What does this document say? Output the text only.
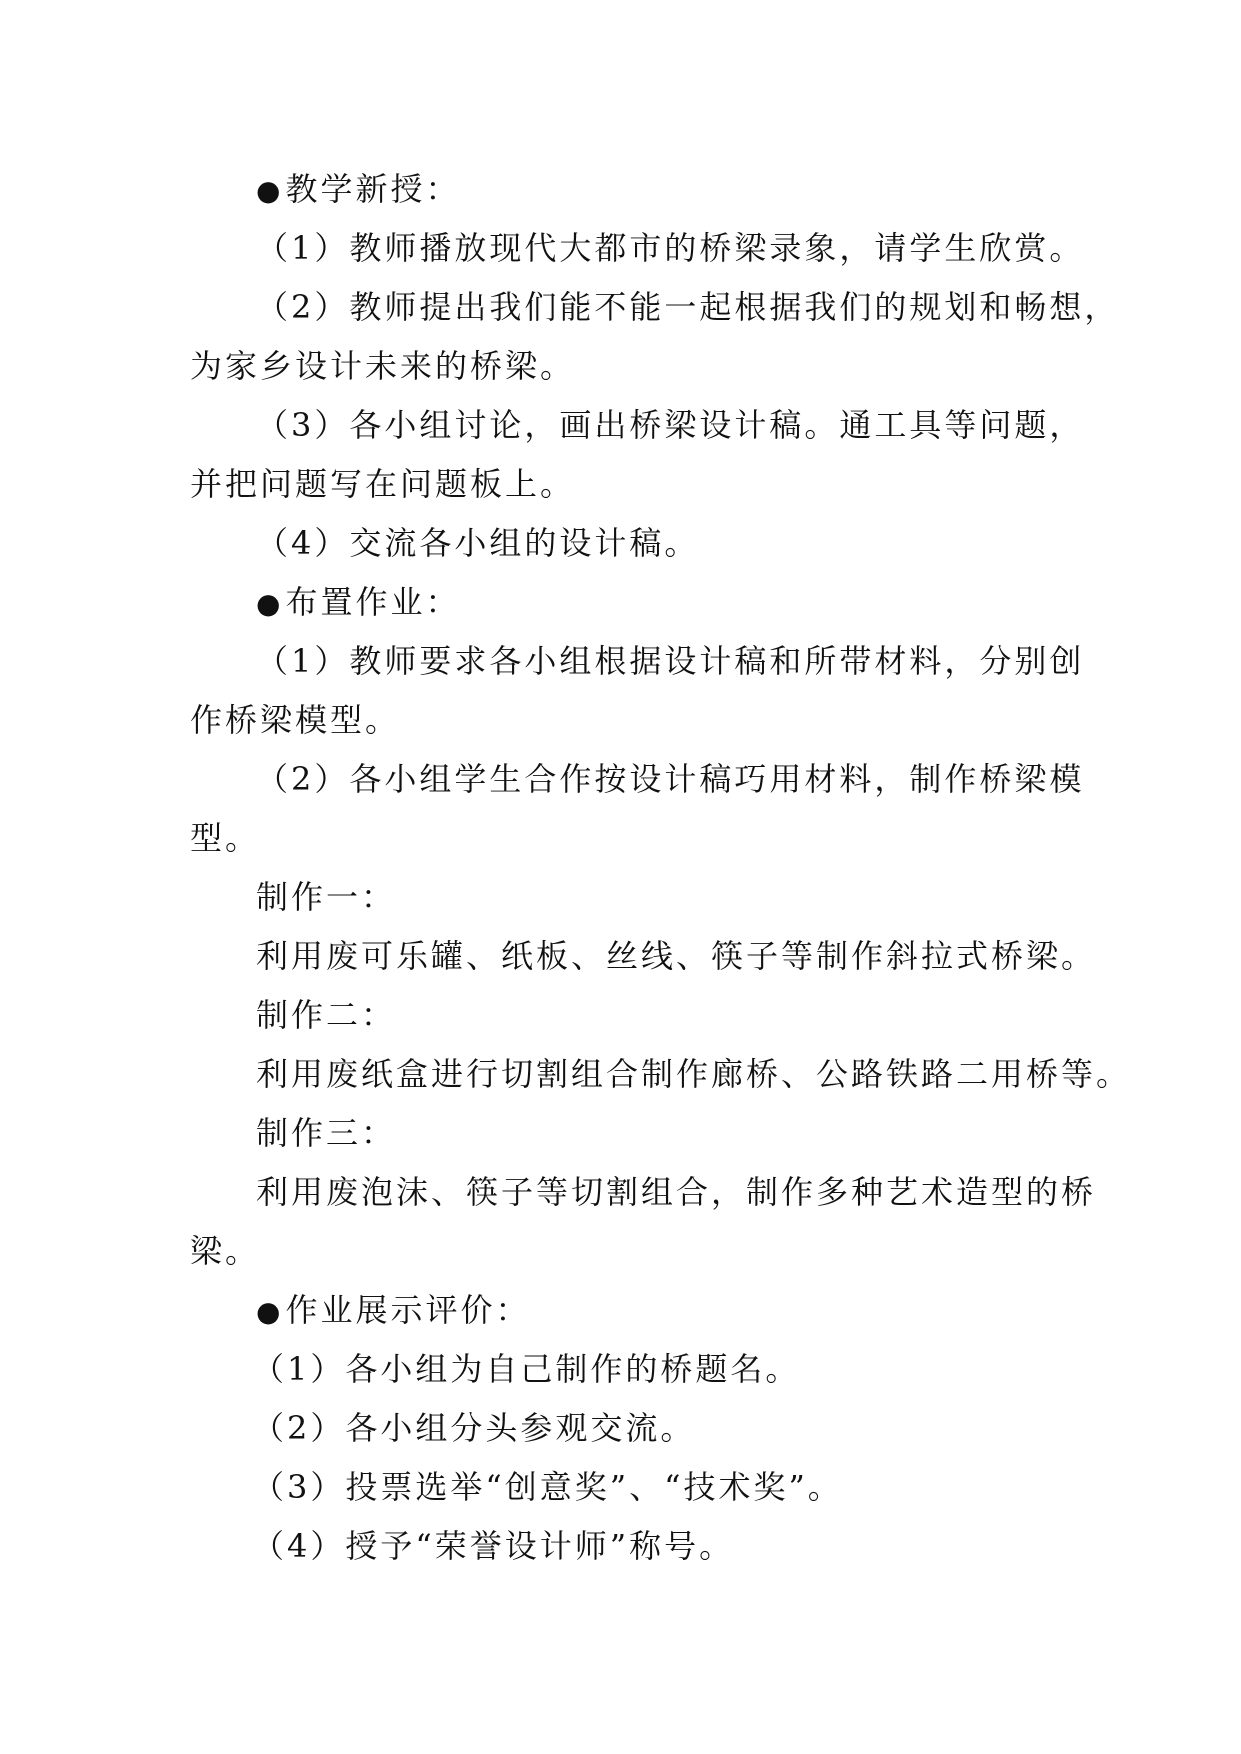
●教学新授：
（1）教师播放现代大都市的桥梁录象，请学生欣赏。
（2）教师提出我们能不能一起根据我们的规划和畅想，
为家乡设计未来的桥梁。
（3）各小组讨论，画出桥梁设计稿。通工具等问题，
并把问题写在问题板上。
（4）交流各小组的设计稿。
●布置作业：
（1）教师要求各小组根据设计稿和所带材料，分别创
作桥梁模型。
（2）各小组学生合作按设计稿巧用材料，制作桥梁模
型。
制作一：
利用废可乐罐、纸板、丝线、筷子等制作斜拉式桥梁。
制作二：
利用废纸盒进行切割组合制作廊桥、公路铁路二用桥等。
制作三：
利用废泡沫、筷子等切割组合，制作多种艺术造型的桥
梁。
●作业展示评价：
（1）各小组为自己制作的桥题名。
（2）各小组分头参观交流。
（3）投票选举“创意奖”、“技术奖”。
（4）授予“荣誉设计师”称号。
